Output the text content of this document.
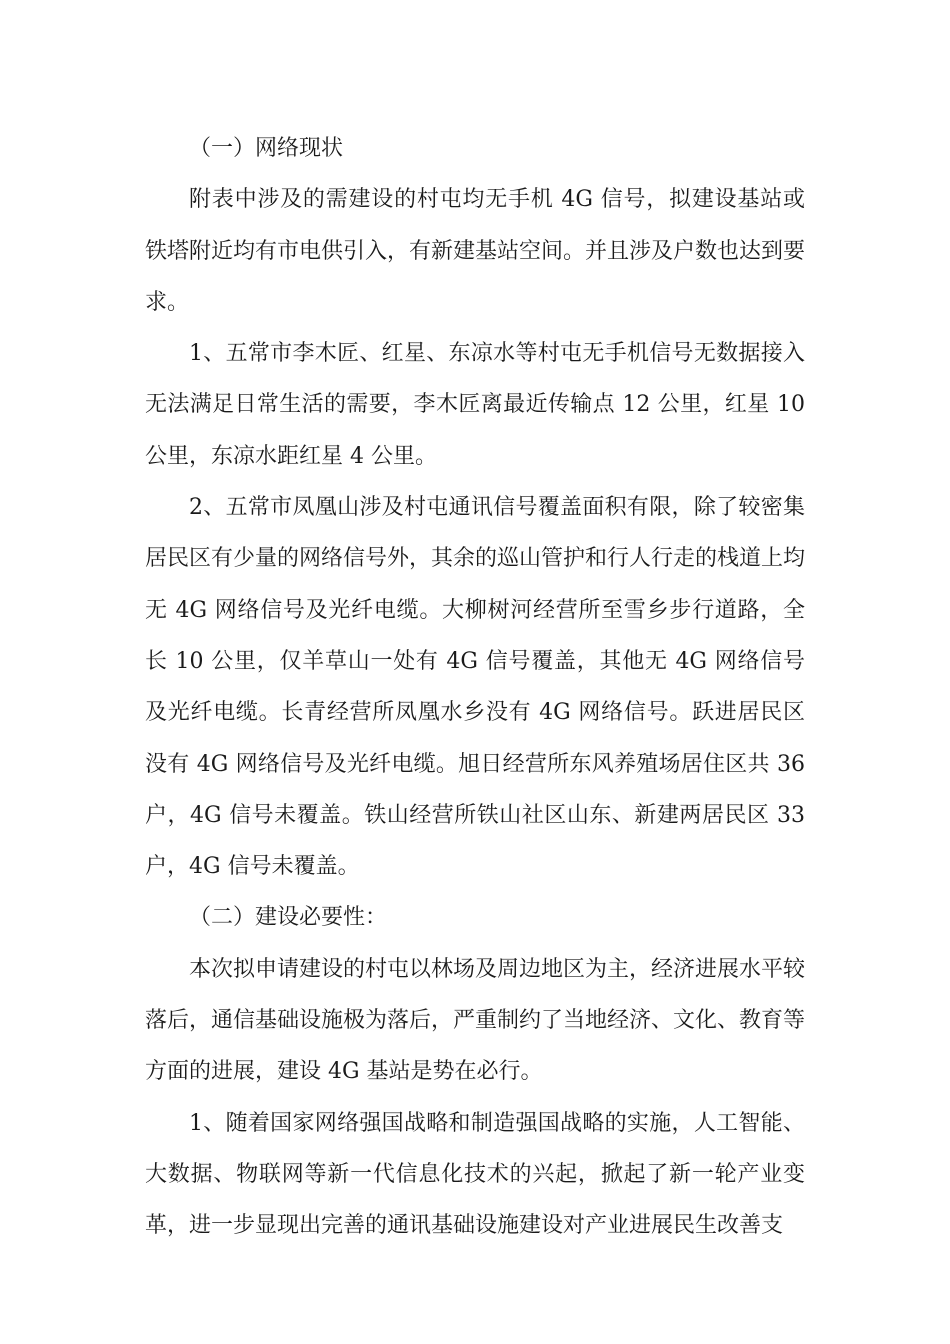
（一）网络现状

附表中涉及的需建设的村屯均无手机 4G 信号，拟建设基站或铁塔附近均有市电供引入，有新建基站空间。并且涉及户数也达到要求。

1、五常市李木匠、红星、东凉水等村屯无手机信号无数据接入无法满足日常生活的需要，李木匠离最近传输点 12 公里，红星 10 公里，东凉水距红星 4 公里。

2、五常市凤凰山涉及村屯通讯信号覆盖面积有限，除了较密集居民区有少量的网络信号外，其余的巡山管护和行人行走的栈道上均无 4G 网络信号及光纤电缆。大柳树河经营所至雪乡步行道路，全长 10 公里，仅羊草山一处有 4G 信号覆盖，其他无 4G 网络信号及光纤电缆。长青经营所凤凰水乡没有 4G 网络信号。跃进居民区没有 4G 网络信号及光纤电缆。旭日经营所东风养殖场居住区共 36 户，4G 信号未覆盖。铁山经营所铁山社区山东、新建两居民区 33 户，4G 信号未覆盖。

（二）建设必要性：

本次拟申请建设的村屯以林场及周边地区为主，经济进展水平较落后，通信基础设施极为落后，严重制约了当地经济、文化、教育等方面的进展，建设 4G 基站是势在必行。

1、随着国家网络强国战略和制造强国战略的实施，人工智能、大数据、物联网等新一代信息化技术的兴起，掀起了新一轮产业变革，进一步显现出完善的通讯基础设施建设对产业进展民生改善支
